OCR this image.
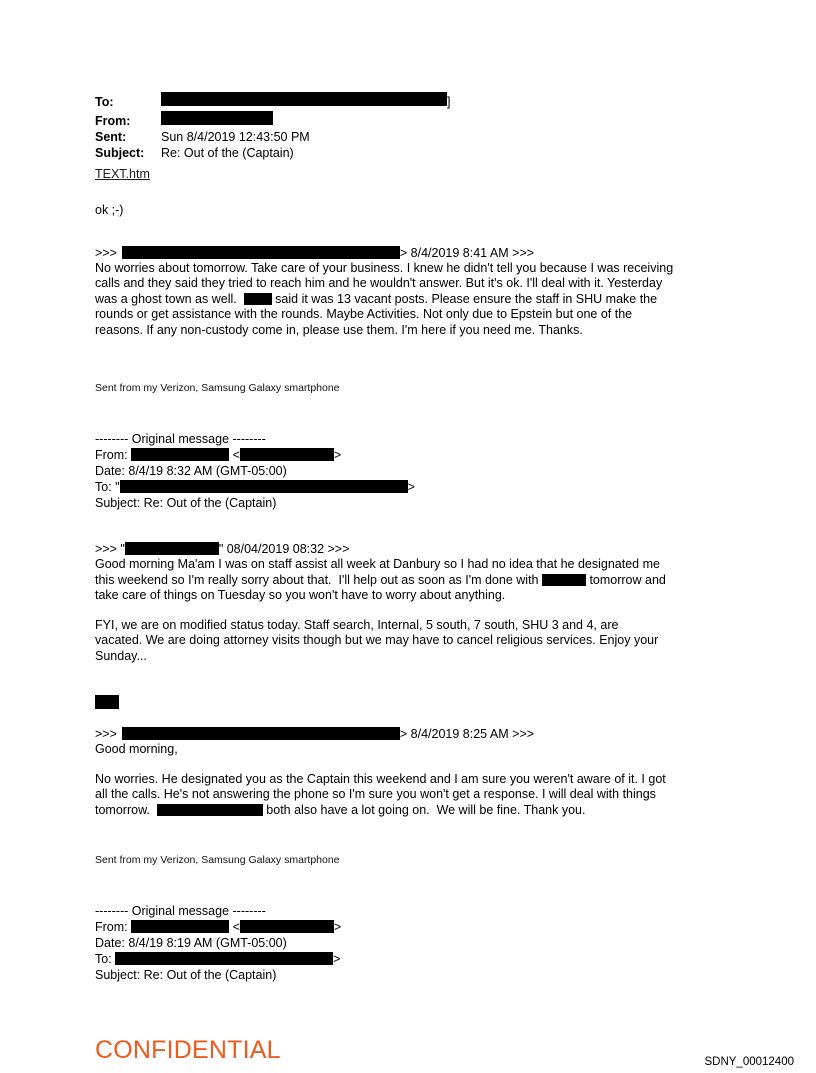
To:	]
From:
Sent:	Sun 8/4/2019 12:43:50 PM
Subject:	Re: Out of the (Captain)
TEXT.htm
ok ;-)
>>>	> 8/4/2019 8:41 AM >>>
No worries about tomorrow. Take care of your business. I knew he didn't tell you because I was receiving
calls and they said they tried to reach him and he wouldn't answer. But it's ok. I'll deal with it. Yesterday
was a ghost town as well.   said it was 13 vacant posts. Please ensure the staff in SHU make the
rounds or get assistance with the rounds. Maybe Activities. Not only due to Epstein but one of the
reasons. If any non-custody come in, please use them. I'm here if you need me. Thanks.
Sent from my Verizon, Samsung Galaxy smartphone
-------- Original message --------
From:	<	>
Date: 8/4/19 8:32 AM (GMT-05:00)
To: "	>
Subject: Re: Out of the (Captain)
>>> "	" 08/04/2019 08:32 >>>
Good morning Ma'am I was on staff assist all week at Danbury so I had no idea that he designated me
this weekend so I'm really sorry about that.  I'll help out as soon as I'm done with	tomorrow and
take care of things on Tuesday so you won't have to worry about anything.
FYI, we are on modified status today. Staff search, Internal, 5 south, 7 south, SHU 3 and 4, are
vacated. We are doing attorney visits though but we may have to cancel religious services. Enjoy your
Sunday...
>>>	> 8/4/2019 8:25 AM >>>
Good morning,
No worries. He designated you as the Captain this weekend and I am sure you weren't aware of it. I got
all the calls. He's not answering the phone so I'm sure you won't get a response. I will deal with things
tomorrow.	both also have a lot going on.  We will be fine. Thank you.
Sent from my Verizon, Samsung Galaxy smartphone
-------- Original message --------
From:	<	>
Date: 8/4/19 8:19 AM (GMT-05:00)
To:	>
Subject: Re: Out of the (Captain)
CONFIDENTIAL	SDNY_00012400
